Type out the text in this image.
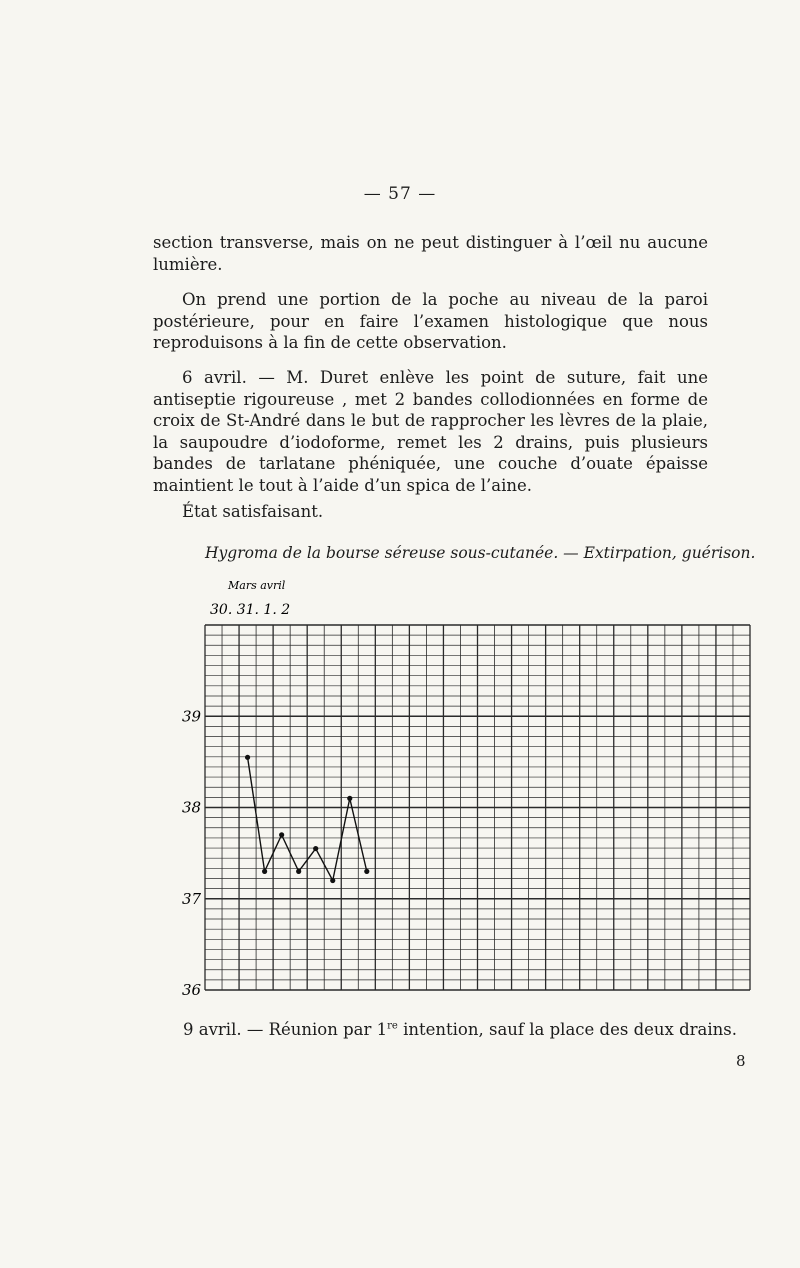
— 57 —

section transverse, mais on ne peut distinguer à l’œil nu aucune lumière.

On prend une portion de la poche au niveau de la paroi postérieure, pour en faire l’examen histologique que nous reproduisons à la fin de cette observation.

6 avril. — M. Duret enlève les point de suture, fait une antiseptie rigoureuse , met 2 bandes collodionnées en forme de croix de St-André dans le but de rapprocher les lèvres de la plaie, la saupoudre d’iodoforme, remet les 2 drains, puis plusieurs bandes de tarlatane phéniquée, une couche d’ouate épaisse maintient le tout à l’aide d’un spica de l’aine.

État satisfaisant.

Hygroma de la bourse séreuse sous-cutanée. — Extirpation, guérison.
Mars avril
30. 31. 1. 2
39
38
37
36
9 avril. — Réunion par 1re intention, sauf la place des deux drains.
8
